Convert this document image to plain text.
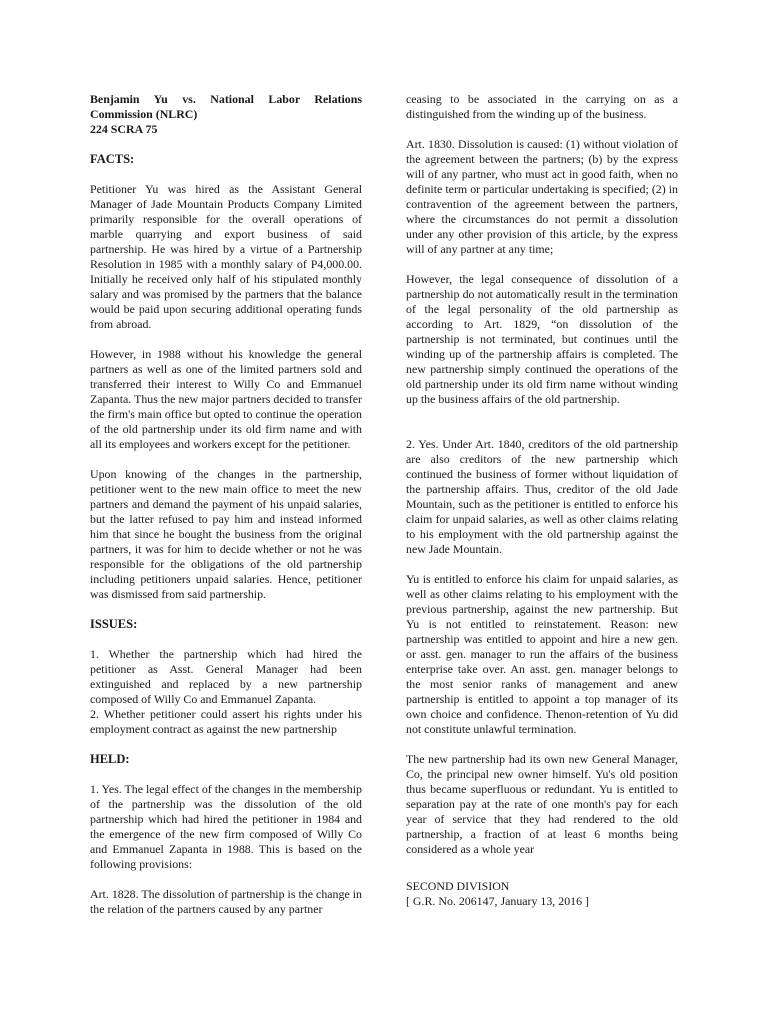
Benjamin Yu vs. National Labor Relations

Commission (NLRC)

224 SCRA 75

FACTS:

Petitioner Yu was hired as the Assistant General Manager of Jade Mountain Products Company Limited primarily responsible for the overall operations of marble quarrying and export business of said partnership. He was hired by a virtue of a Partnership Resolution in 1985 with a monthly salary of P4,000.00. Initially he received only half of his stipulated monthly salary and was promised by the partners that the balance would be paid upon securing additional operating funds from abroad.

However, in 1988 without his knowledge the general partners as well as one of the limited partners sold and transferred their interest to Willy Co and Emmanuel Zapanta. Thus the new major partners decided to transfer the firm's main office but opted to continue the operation of the old partnership under its old firm name and with all its employees and workers except for the petitioner.

Upon knowing of the changes in the partnership, petitioner went to the new main office to meet the new partners and demand the payment of his unpaid salaries, but the latter refused to pay him and instead informed him that since he bought the business from the original partners, it was for him to decide whether or not he was responsible for the obligations of the old partnership including petitioners unpaid salaries. Hence, petitioner was dismissed from said partnership.

ISSUES:

1. Whether the partnership which had hired the petitioner as Asst. General Manager had been extinguished and replaced by a new partnership composed of Willy Co and Emmanuel Zapanta.

2. Whether petitioner could assert his rights under his employment contract as against the new partnership

HELD:

1. Yes. The legal effect of the changes in the membership of the partnership was the dissolution of the old partnership which had hired the petitioner in 1984 and the emergence of the new firm composed of Willy Co and Emmanuel Zapanta in 1988. This is based on the following provisions:

Art. 1828. The dissolution of partnership is the change in the relation of the partners caused by any partner

ceasing to be associated in the carrying on as a distinguished from the winding up of the business.

Art. 1830. Dissolution is caused: (1) without violation of the agreement between the partners; (b) by the express will of any partner, who must act in good faith, when no definite term or particular undertaking is specified; (2) in contravention of the agreement between the partners, where the circumstances do not permit a dissolution under any other provision of this article, by the express will of any partner at any time;

However, the legal consequence of dissolution of a partnership do not automatically result in the termination of the legal personality of the old partnership as according to Art. 1829, “on dissolution of the partnership is not terminated, but continues until the winding up of the partnership affairs is completed. The new partnership simply continued the operations of the old partnership under its old firm name without winding up the business affairs of the old partnership.

2. Yes. Under Art. 1840, creditors of the old partnership are also creditors of the new partnership which continued the business of former without liquidation of the partnership affairs. Thus, creditor of the old Jade Mountain, such as the petitioner is entitled to enforce his claim for unpaid salaries, as well as other claims relating to his employment with the old partnership against the new Jade Mountain.

Yu is entitled to enforce his claim for unpaid salaries, as well as other claims relating to his employment with the previous partnership, against the new partnership. But Yu is not entitled to reinstatement. Reason: new partnership was entitled to appoint and hire a new gen. or asst. gen. manager to run the affairs of the business enterprise take over. An asst. gen. manager belongs to the most senior ranks of management and anew partnership is entitled to appoint a top manager of its own choice and confidence. Thenon-retention of Yu did not constitute unlawful termination.

The new partnership had its own new General Manager, Co, the principal new owner himself. Yu's old position thus became superfluous or redundant. Yu is entitled to separation pay at the rate of one month's pay for each year of service that they had rendered to the old partnership, a fraction of at least 6 months being considered as a whole year

SECOND DIVISION

[ G.R. No. 206147, January 13, 2016 ]
